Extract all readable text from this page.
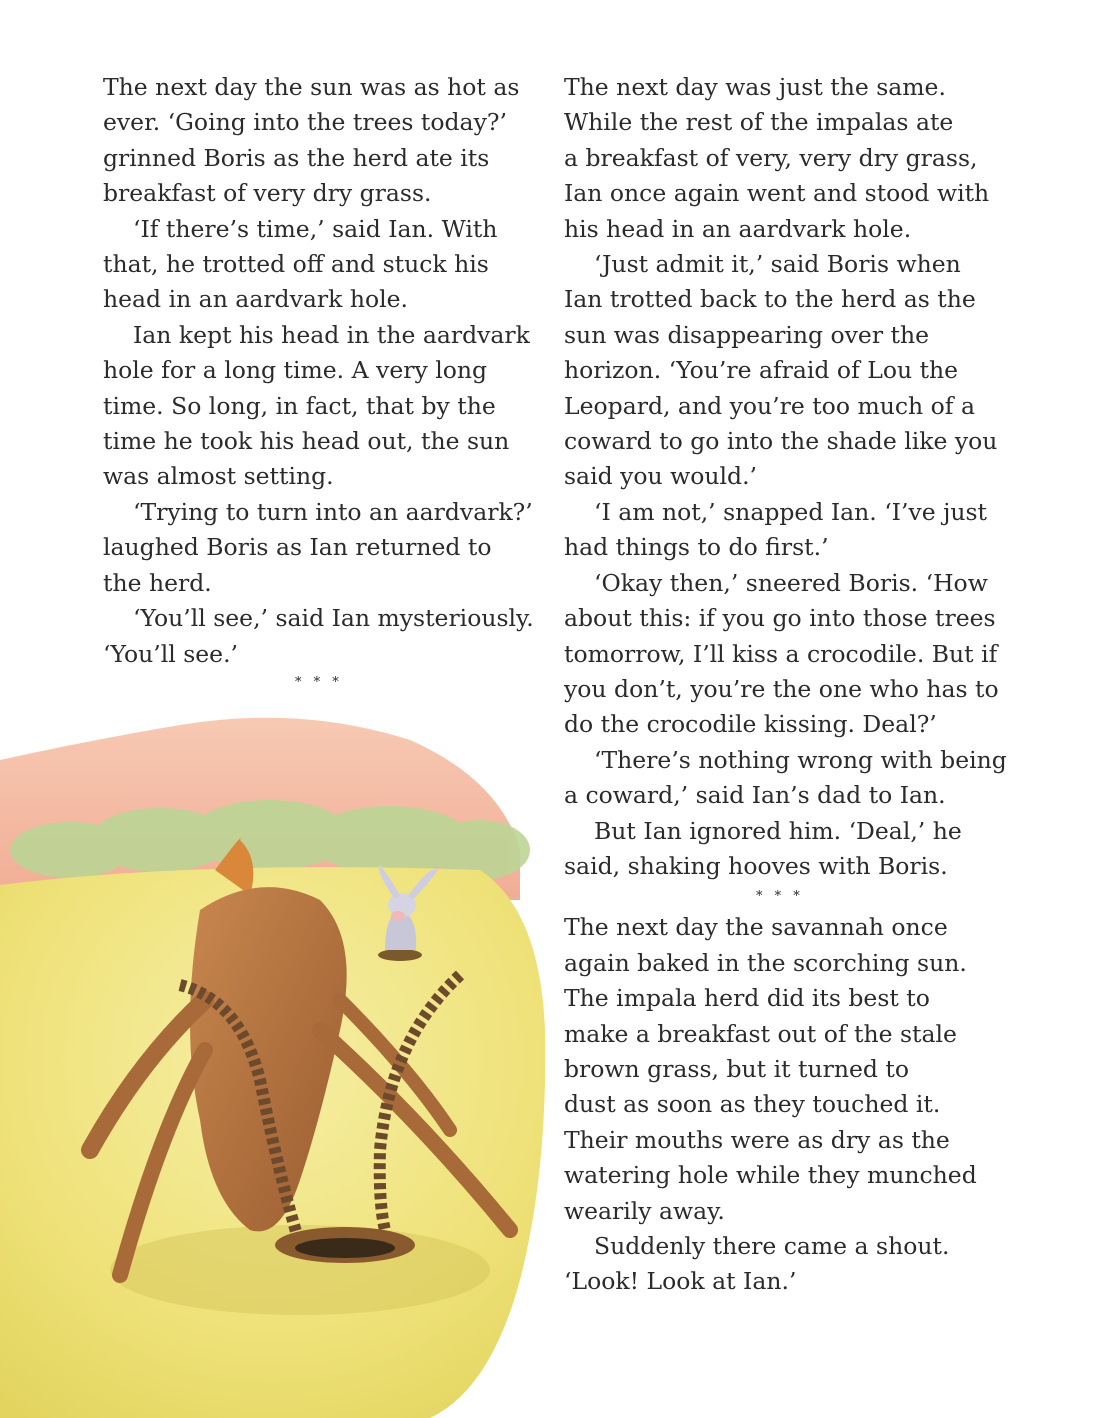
The next day the sun was as hot as
ever. ‘Going into the trees today?’
grinned Boris as the herd ate its
breakfast of very dry grass.
‘If there’s time,’ said Ian. With
that, he trotted off and stuck his
head in an aardvark hole.
Ian kept his head in the aardvark
hole for a long time. A very long
time. So long, in fact, that by the
time he took his head out, the sun
was almost setting.
‘Trying to turn into an aardvark?’
laughed Boris as Ian returned to
the herd.
‘You’ll see,’ said Ian mysteriously.
‘You’ll see.’
* * *
The next day was just the same.
While the rest of the impalas ate
a breakfast of very, very dry grass,
Ian once again went and stood with
his head in an aardvark hole.
‘Just admit it,’ said Boris when
Ian trotted back to the herd as the
sun was disappearing over the
horizon. ‘You’re afraid of Lou the
Leopard, and you’re too much of a
coward to go into the shade like you
said you would.’
‘I am not,’ snapped Ian. ‘I’ve just
had things to do first.’
‘Okay then,’ sneered Boris. ‘How
about this: if you go into those trees
tomorrow, I’ll kiss a crocodile. But if
you don’t, you’re the one who has to
do the crocodile kissing. Deal?’
‘There’s nothing wrong with being
a coward,’ said Ian’s dad to Ian.
But Ian ignored him. ‘Deal,’ he
said, shaking hooves with Boris.
* * *
The next day the savannah once
again baked in the scorching sun.
The impala herd did its best to
make a breakfast out of the stale
brown grass, but it turned to
dust as soon as they touched it.
Their mouths were as dry as the
watering hole while they munched
wearily away.
Suddenly there came a shout.
‘Look! Look at Ian.’
